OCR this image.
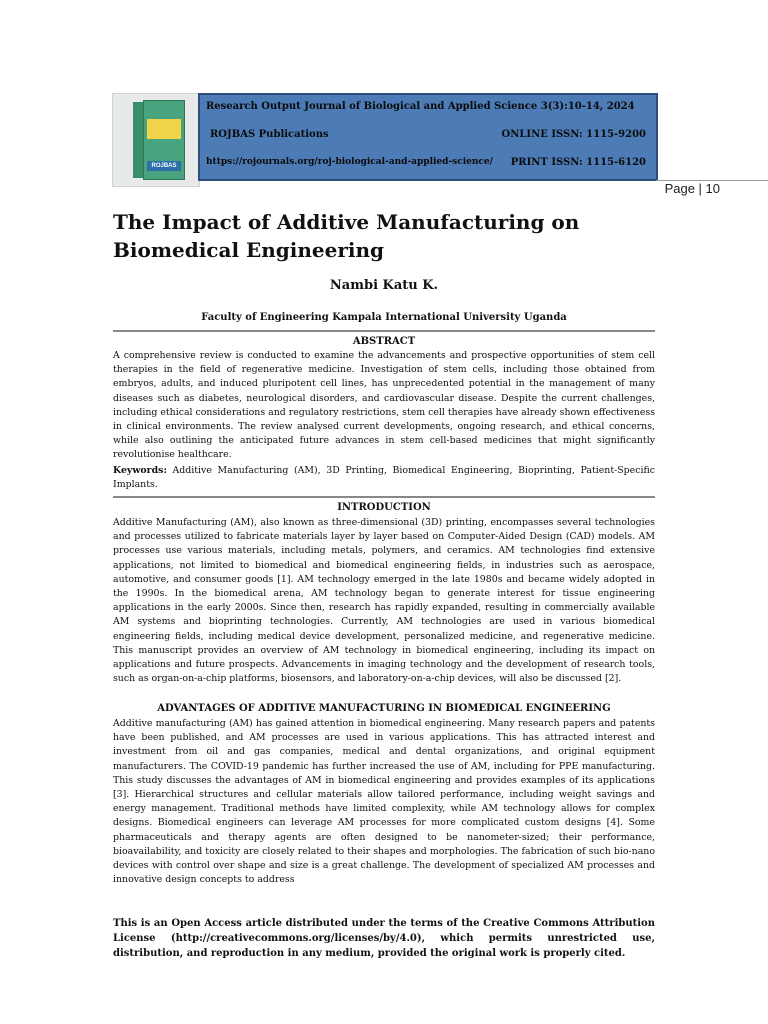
ROJBAS
Research Output Journal of Biological and Applied Science 3(3):10-14, 2024
ROJBAS Publications	ONLINE ISSN: 1115-9200
https://rojournals.org/roj-biological-and-applied-science/ PRINT ISSN: 1115-6120
Page | 10
The Impact of Additive Manufacturing on Biomedical Engineering
Nambi Katu K.
Faculty of Engineering Kampala International University Uganda
ABSTRACT

A comprehensive review is conducted to examine the advancements and prospective opportunities of stem cell therapies in the field of regenerative medicine. Investigation of stem cells, including those obtained from embryos, adults, and induced pluripotent cell lines, has unprecedented potential in the management of many diseases such as diabetes, neurological disorders, and cardiovascular disease. Despite the current challenges, including ethical considerations and regulatory restrictions, stem cell therapies have already shown effectiveness in clinical environments. The review analysed current developments, ongoing research, and ethical concerns, while also outlining the anticipated future advances in stem cell-based medicines that might significantly revolutionise healthcare.

Keywords: Additive Manufacturing (AM), 3D Printing, Biomedical Engineering, Bioprinting, Patient-Specific Implants.

INTRODUCTION

Additive Manufacturing (AM), also known as three-dimensional (3D) printing, encompasses several technologies and processes utilized to fabricate materials layer by layer based on Computer-Aided Design (CAD) models. AM processes use various materials, including metals, polymers, and ceramics. AM technologies find extensive applications, not limited to biomedical and biomedical engineering fields, in industries such as aerospace, automotive, and consumer goods [1]. AM technology emerged in the late 1980s and became widely adopted in the 1990s. In the biomedical arena, AM technology began to generate interest for tissue engineering applications in the early 2000s. Since then, research has rapidly expanded, resulting in commercially available AM systems and bioprinting technologies. Currently, AM technologies are used in various biomedical engineering fields, including medical device development, personalized medicine, and regenerative medicine. This manuscript provides an overview of AM technology in biomedical engineering, including its impact on applications and future prospects. Advancements in imaging technology and the development of research tools, such as organ-on-a-chip platforms, biosensors, and laboratory-on-a-chip devices, will also be discussed [2].

ADVANTAGES OF ADDITIVE MANUFACTURING IN BIOMEDICAL ENGINEERING

Additive manufacturing (AM) has gained attention in biomedical engineering. Many research papers and patents have been published, and AM processes are used in various applications. This has attracted interest and investment from oil and gas companies, medical and dental organizations, and original equipment manufacturers. The COVID-19 pandemic has further increased the use of AM, including for PPE manufacturing. This study discusses the advantages of AM in biomedical engineering and provides examples of its applications [3]. Hierarchical structures and cellular materials allow tailored performance, including weight savings and energy management. Traditional methods have limited complexity, while AM technology allows for complex designs. Biomedical engineers can leverage AM processes for more complicated custom designs [4]. Some pharmaceuticals and therapy agents are often designed to be nanometer-sized; their performance, bioavailability, and toxicity are closely related to their shapes and morphologies. The fabrication of such bio-nano devices with control over shape and size is a great challenge. The development of specialized AM processes and innovative design concepts to address

This is an Open Access article distributed under the terms of the Creative Commons Attribution License (http://creativecommons.org/licenses/by/4.0), which permits unrestricted use, distribution, and reproduction in any medium, provided the original work is properly cited.
